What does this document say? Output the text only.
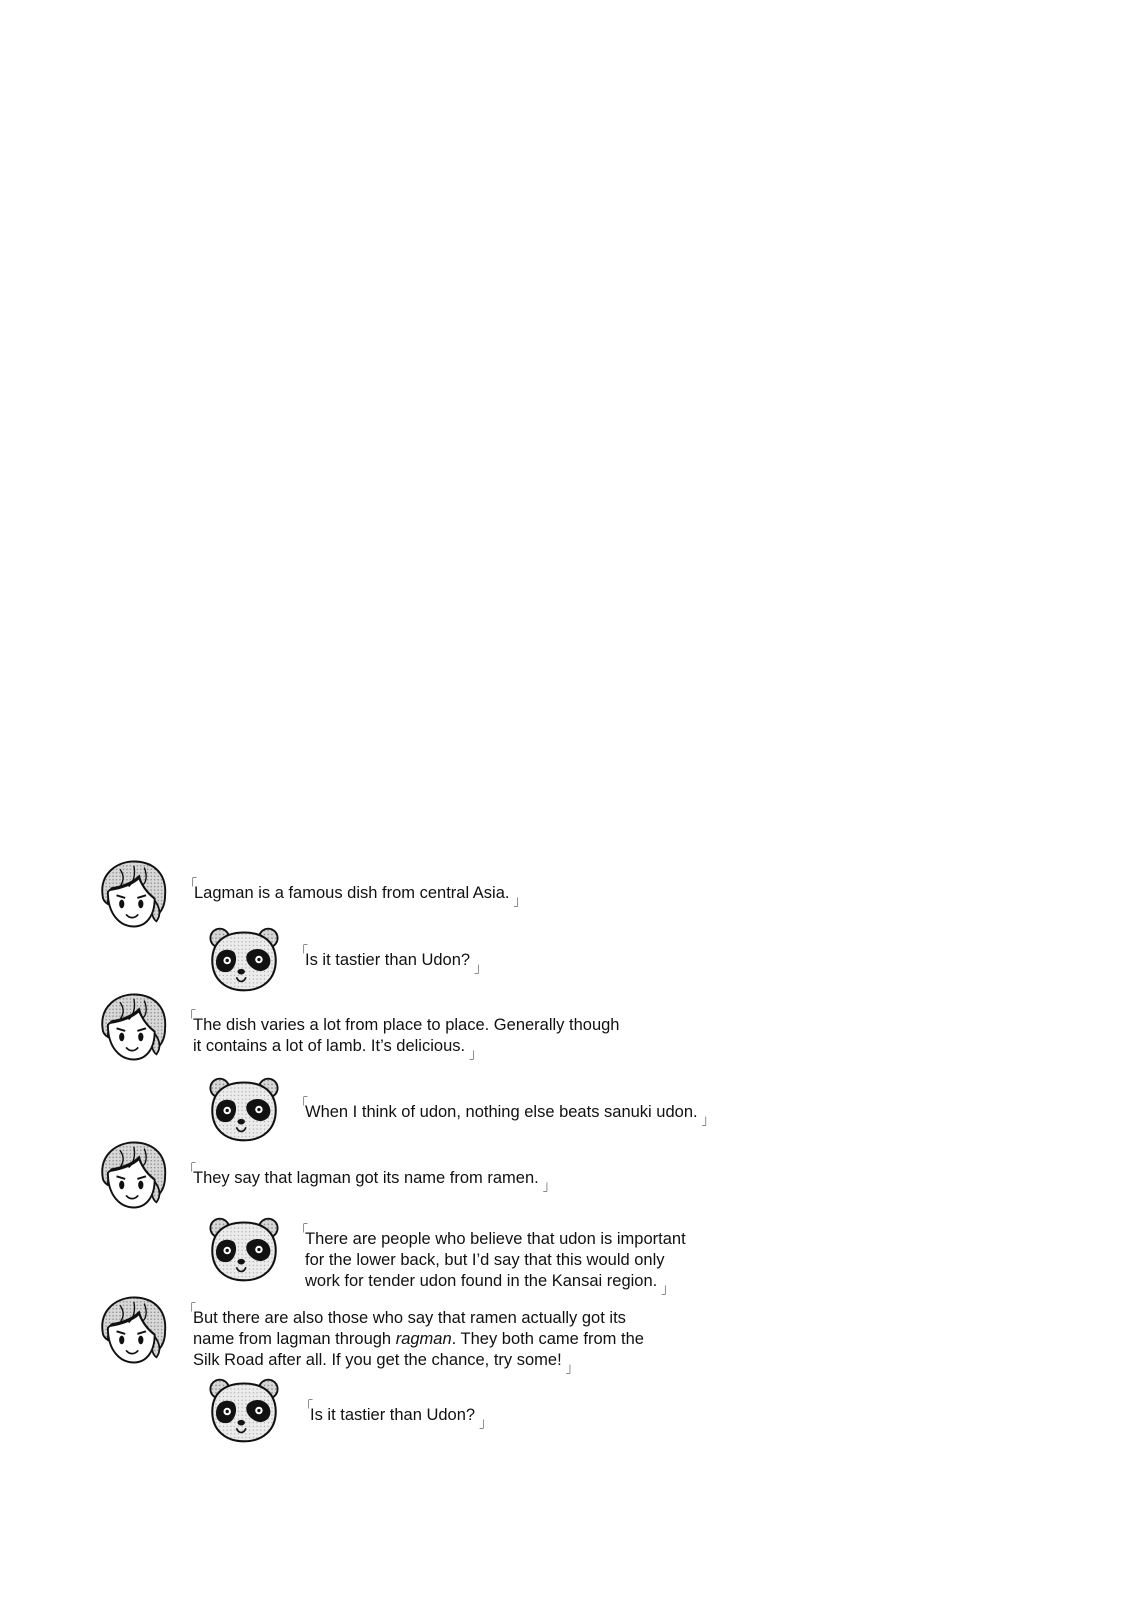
「
Lagman is a famous dish from central Asia. 」
「
Is it tastier than Udon? 」
「
The dish varies a lot from place to place. Generally though
it contains a lot of lamb. It’s delicious. 」
「
When I think of udon, nothing else beats sanuki udon. 」
「
They say that lagman got its name from ramen. 」
「
There are people who believe that udon is important
for the lower back, but I’d say that this would only
work for tender udon found in the Kansai region. 」
「
But there are also those who say that ramen actually got its
name from lagman through ragman. They both came from the
Silk Road after all. If you get the chance, try some! 」
「
Is it tastier than Udon? 」
